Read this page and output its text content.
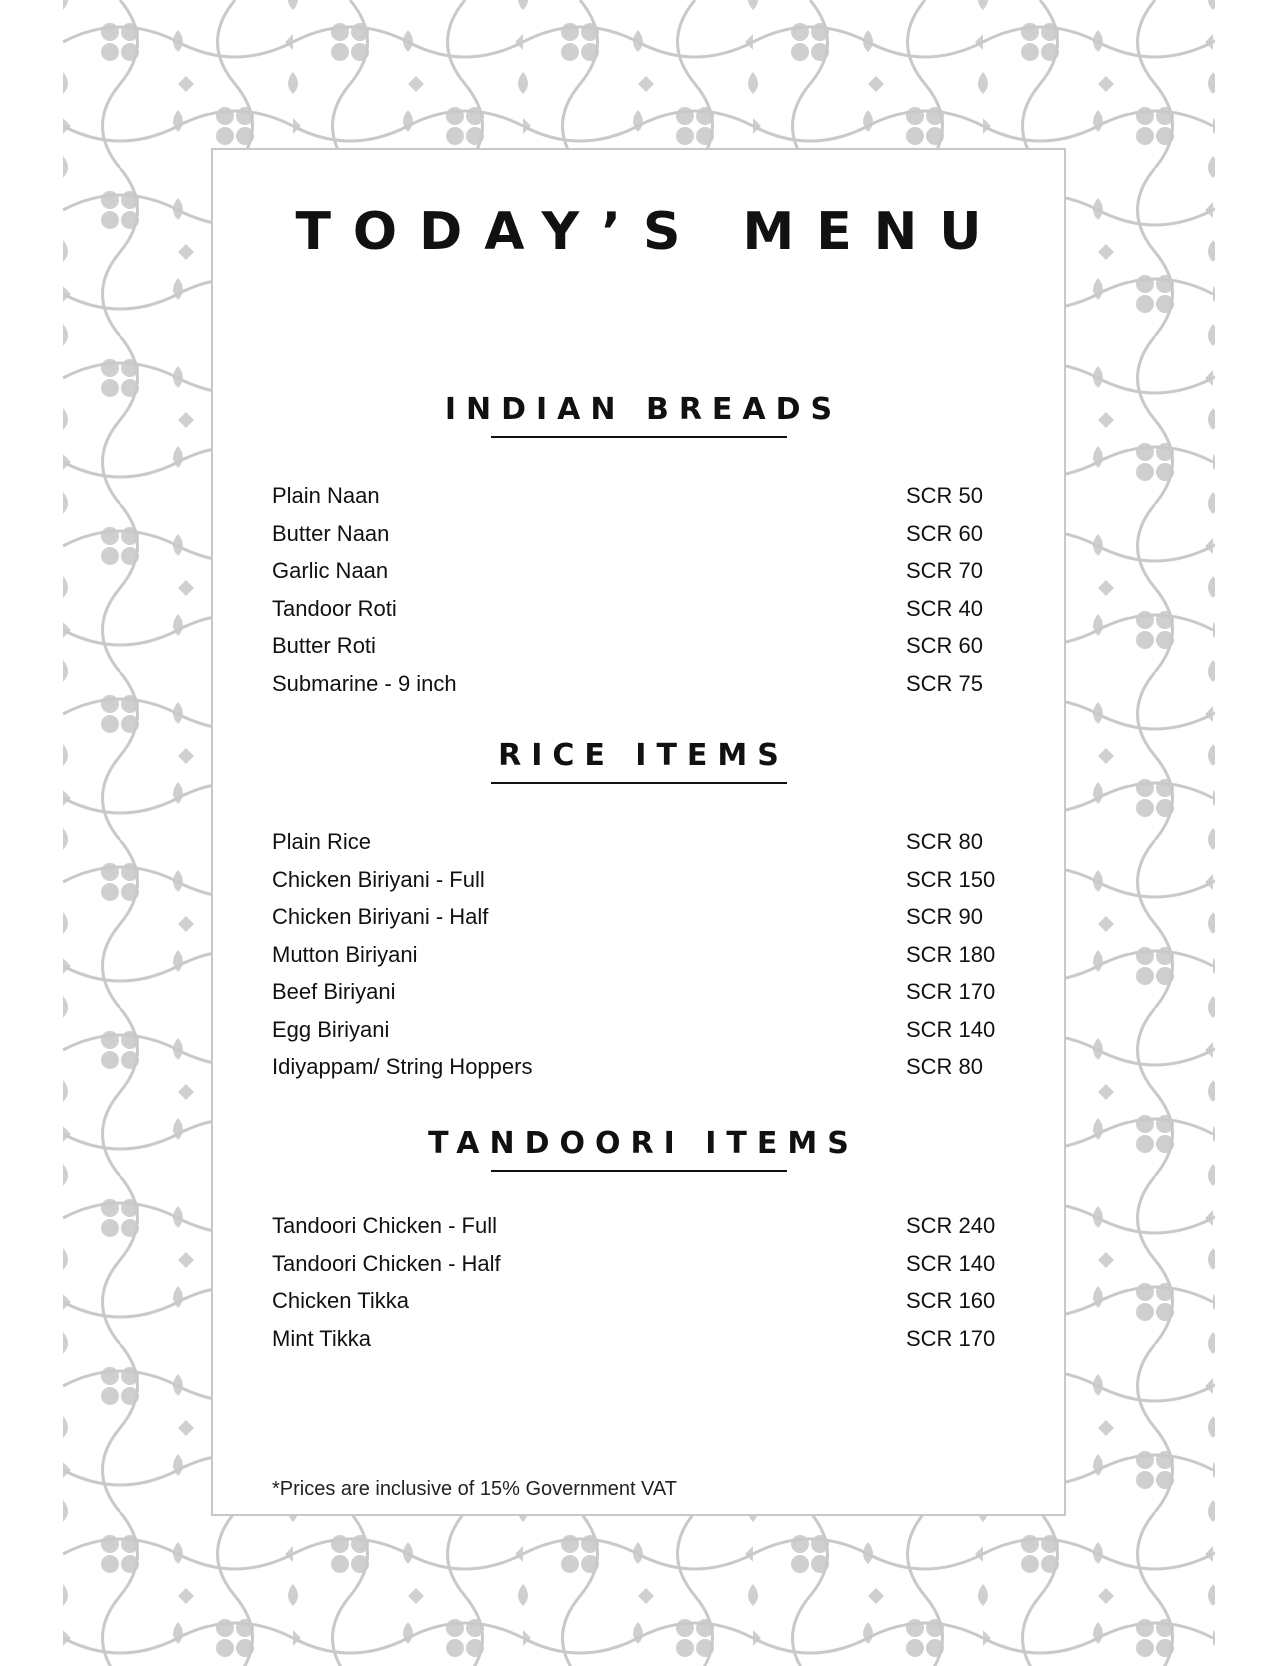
TODAY’S MENU
INDIAN BREADS
Plain Naan	SCR 50
Butter Naan	SCR 60
Garlic Naan	SCR 70
Tandoor Roti	SCR 40
Butter Roti	SCR 60
Submarine - 9 inch	SCR 75
RICE ITEMS
Plain Rice	SCR 80
Chicken Biriyani - Full	SCR 150
Chicken Biriyani - Half	SCR 90
Mutton Biriyani	SCR 180
Beef Biriyani	SCR 170
Egg Biriyani	SCR 140
Idiyappam/ String Hoppers	SCR 80
TANDOORI ITEMS
Tandoori Chicken - Full	SCR 240
Tandoori Chicken - Half	SCR 140
Chicken Tikka	SCR 160
Mint Tikka	SCR 170
*Prices are inclusive of 15% Government VAT
